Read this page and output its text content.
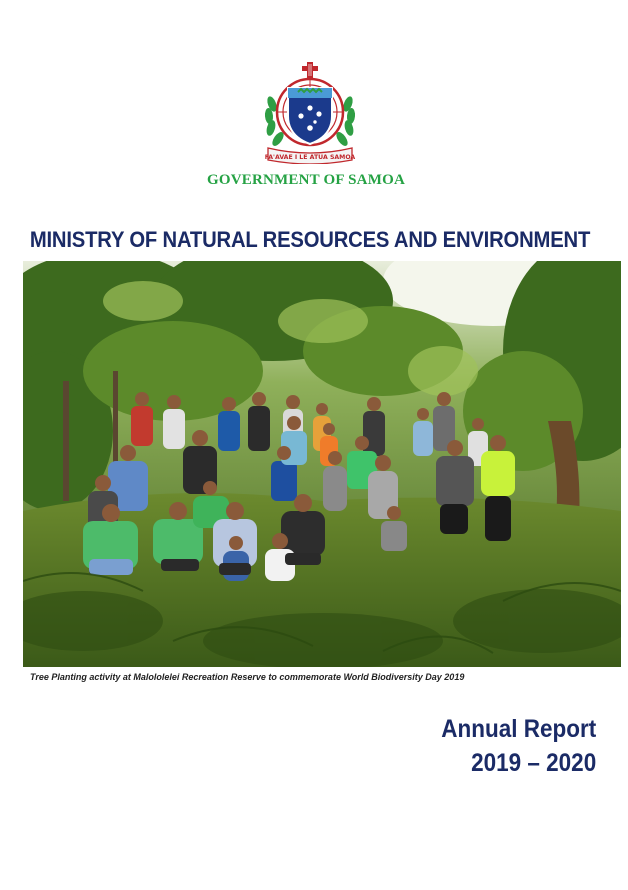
FA'AVAE I LE ATUA SAMOA
GOVERNMENT OF SAMOA
MINISTRY OF NATURAL RESOURCES AND ENVIRONMENT
Tree Planting activity at Malololelei Recreation Reserve to commemorate World Biodiversity Day 2019
Annual Report
2019 – 2020
